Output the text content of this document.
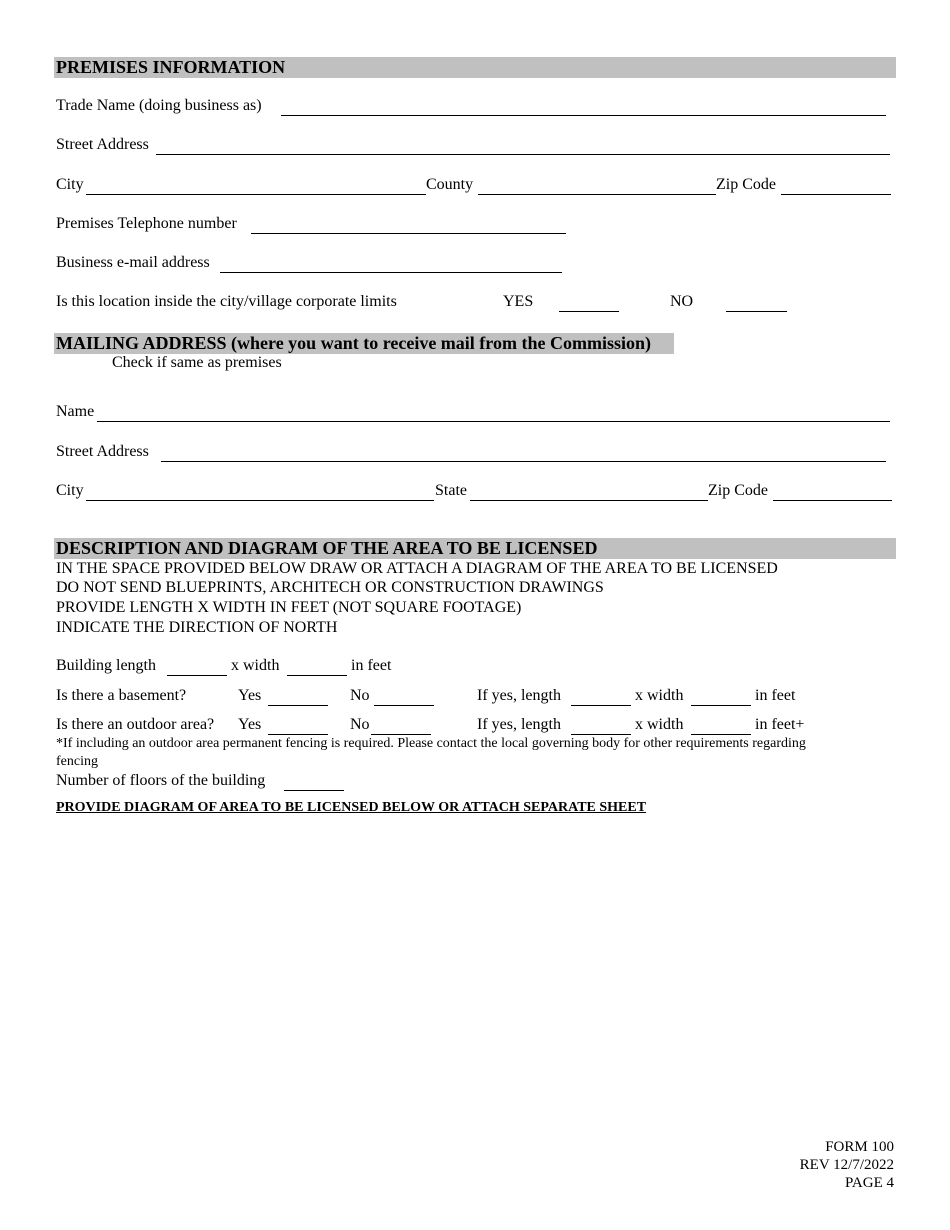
PREMISES INFORMATION
Trade Name (doing business as)
Street Address
City	County	Zip Code
Premises Telephone number
Business e-mail address
Is this location inside the city/village corporate limits	YES	NO
MAILING ADDRESS (where you want to receive mail from the Commission)
Check if same as premises
Name
Street Address
City	State	Zip Code
DESCRIPTION AND DIAGRAM OF THE AREA TO BE LICENSED
IN THE SPACE PROVIDED BELOW DRAW OR ATTACH A DIAGRAM OF THE AREA TO BE LICENSED
DO NOT SEND BLUEPRINTS, ARCHITECH OR CONSTRUCTION DRAWINGS
PROVIDE LENGTH X WIDTH IN FEET (NOT SQUARE FOOTAGE)
INDICATE THE DIRECTION OF NORTH
Building length	x width	in feet
Is there a basement?	Yes	No	If yes, length	x width	in feet
Is there an outdoor area? Yes	No	If yes, length	x width	in feet+
*If including an outdoor area permanent fencing is required. Please contact the local governing body for other requirements regarding
fencing
Number of floors of the building
PROVIDE DIAGRAM OF AREA TO BE LICENSED BELOW OR ATTACH SEPARATE SHEET
FORM 100
REV 12/7/2022
PAGE 4
